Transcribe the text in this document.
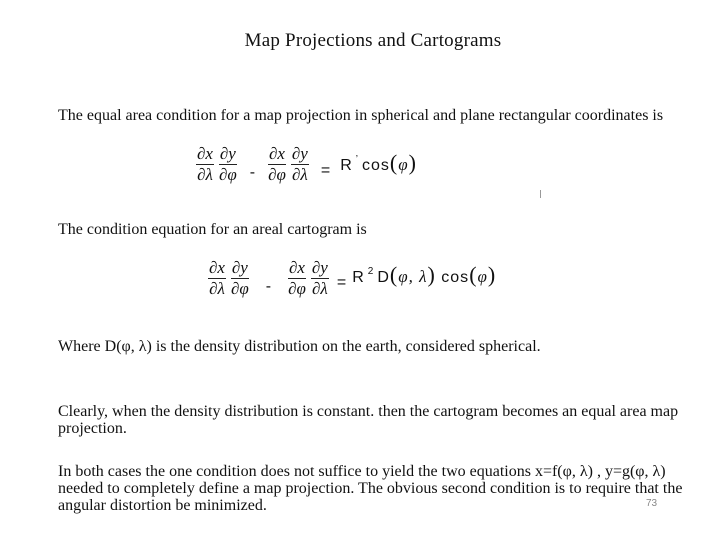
Map Projections and Cartograms
The equal area condition for a map projection in spherical and plane rectangular coordinates is
$\frac{\partial x}{\partial\lambda} \frac{\partial y}{\partial\varphi} - \frac{\partial x}{\partial\varphi} \frac{\partial y}{\partial\lambda} = R$ ’ cos(φ)
The condition equation for an areal cartogram is
$\frac{\partial x}{\partial\lambda} \frac{\partial y}{\partial\varphi} - \frac{\partial x}{\partial\varphi} \frac{\partial y}{\partial\lambda} = R$ $^2$ D(φ, λ) cos(φ)
Where D(φ, λ) is the density distribution on the earth, considered spherical.
Clearly, when the density distribution is constant. then the cartogram becomes an equal area map projection.
In both cases the one condition does not suffice to yield the two equations x=f(φ, λ) , y=g(φ, λ) needed to completely define a map projection. The obvious second condition is to require that the angular distortion be minimized.	73
